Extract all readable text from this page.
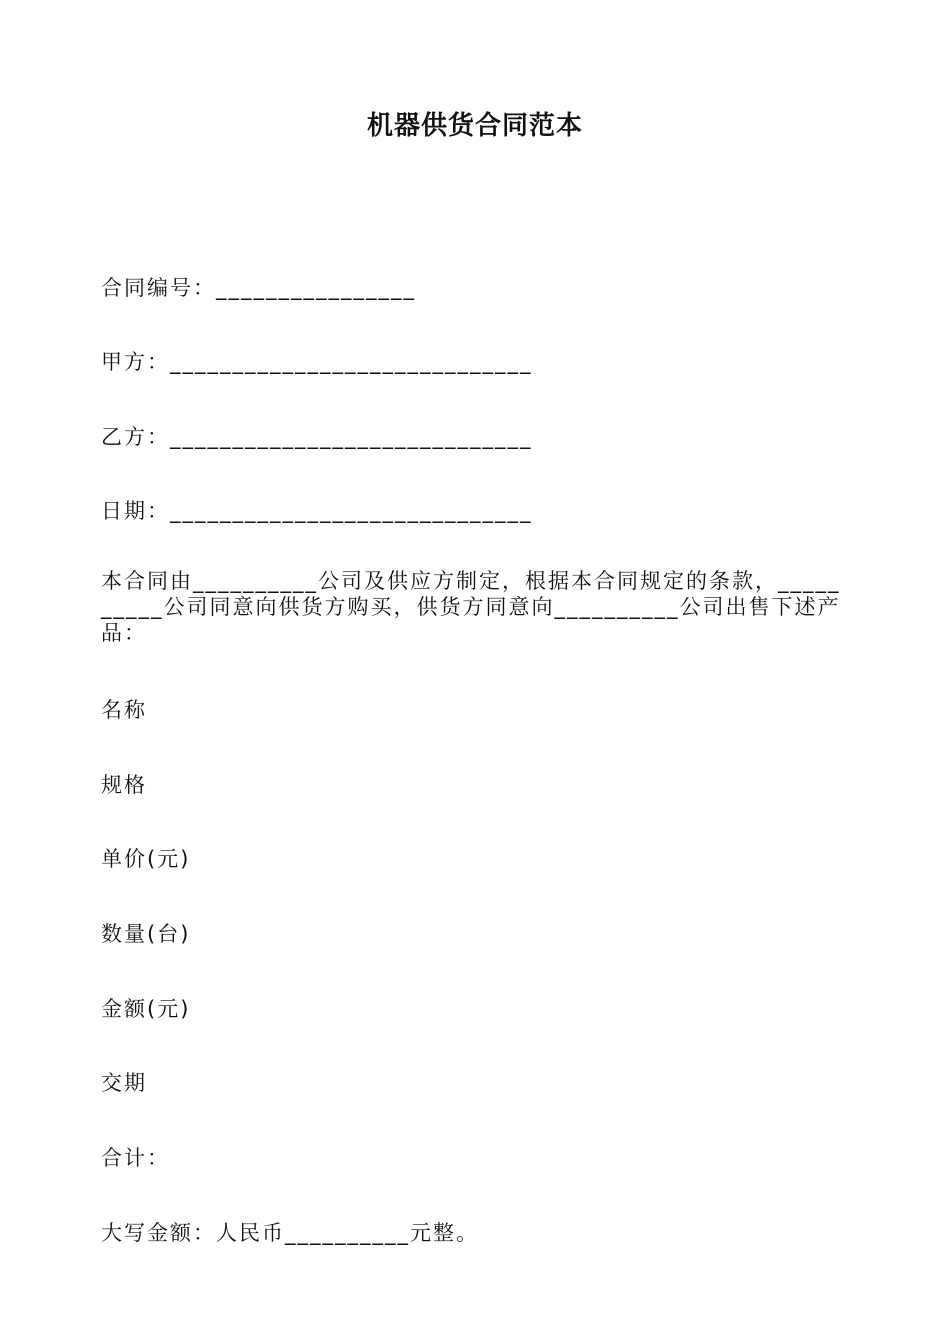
机器供货合同范本
合同编号：________________
甲方：_____________________________
乙方：_____________________________
日期：_____________________________
本合同由__________公司及供应方制定，根据本合同规定的条款，__________公司同意向供货方购买，供货方同意向__________公司出售下述产品：
名称
规格
单价(元)
数量(台)
金额(元)
交期
合计：
大写金额：人民币__________元整。
